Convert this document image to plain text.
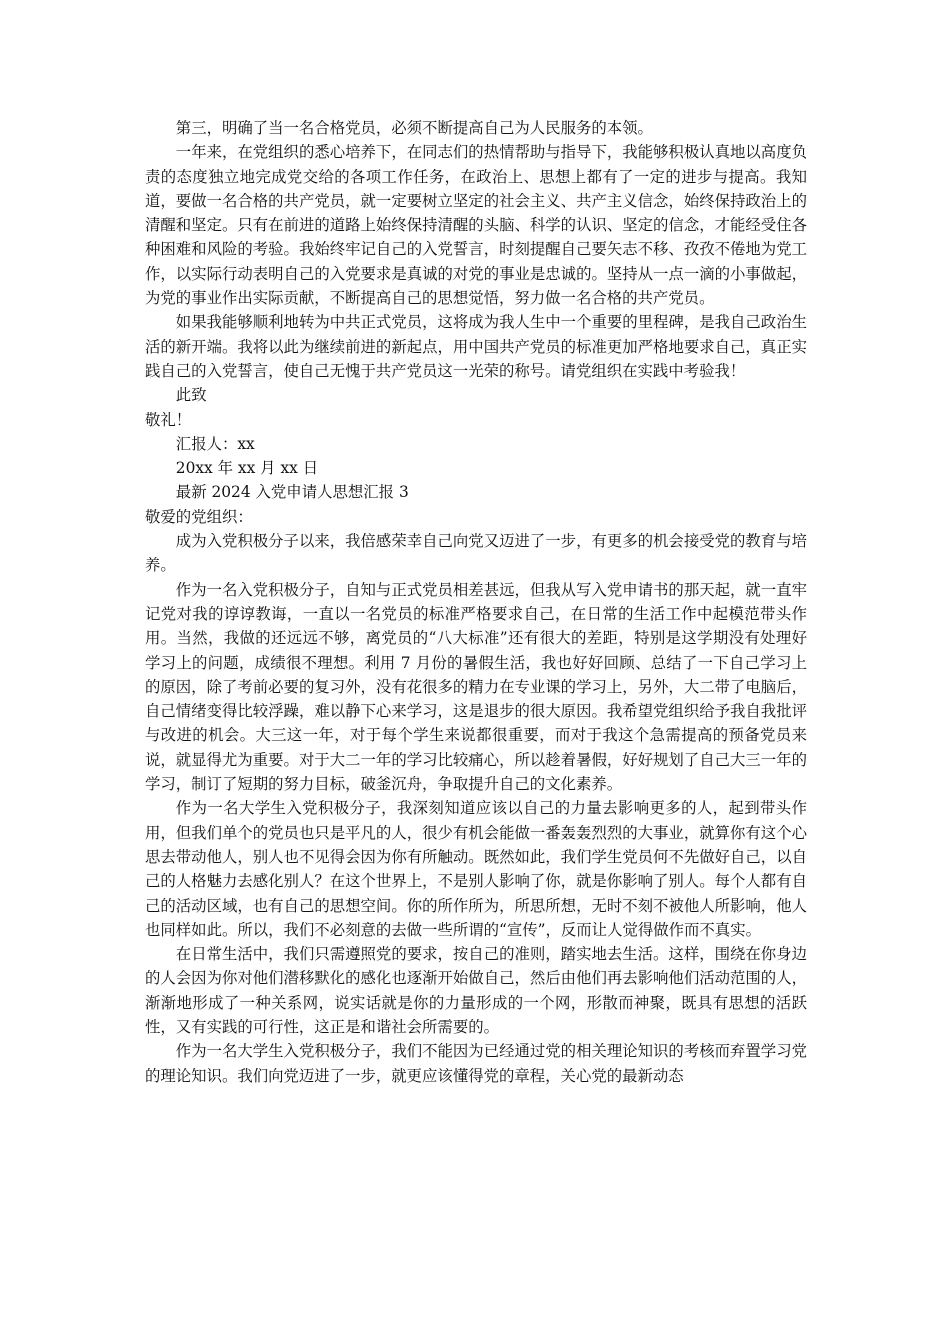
第三，明确了当一名合格党员，必须不断提高自己为人民服务的本领。

一年来，在党组织的悉心培养下，在同志们的热情帮助与指导下，我能够积极认真地以高度负责的态度独立地完成党交给的各项工作任务，在政治上、思想上都有了一定的进步与提高。我知道，要做一名合格的共产党员，就一定要树立坚定的社会主义、共产主义信念，始终保持政治上的清醒和坚定。只有在前进的道路上始终保持清醒的头脑、科学的认识、坚定的信念，才能经受住各种困难和风险的考验。我始终牢记自己的入党誓言，时刻提醒自己要矢志不移、孜孜不倦地为党工作，以实际行动表明自己的入党要求是真诚的对党的事业是忠诚的。坚持从一点一滴的小事做起，为党的事业作出实际贡献，不断提高自己的思想觉悟，努力做一名合格的共产党员。

如果我能够顺利地转为中共正式党员，这将成为我人生中一个重要的里程碑，是我自己政治生活的新开端。我将以此为继续前进的新起点，用中国共产党员的标准更加严格地要求自己，真正实践自己的入党誓言，使自己无愧于共产党员这一光荣的称号。请党组织在实践中考验我！

此致

敬礼！

汇报人：xx

20xx 年 xx 月 xx 日

最新 2024 入党申请人思想汇报 3

敬爱的党组织：

成为入党积极分子以来，我倍感荣幸自己向党又迈进了一步，有更多的机会接受党的教育与培养。

作为一名入党积极分子，自知与正式党员相差甚远，但我从写入党申请书的那天起，就一直牢记党对我的谆谆教诲，一直以一名党员的标准严格要求自己，在日常的生活工作中起模范带头作用。当然，我做的还远远不够，离党员的“八大标准”还有很大的差距，特别是这学期没有处理好学习上的问题，成绩很不理想。利用 7 月份的暑假生活，我也好好回顾、总结了一下自己学习上的原因，除了考前必要的复习外，没有花很多的精力在专业课的学习上，另外，大二带了电脑后，自己情绪变得比较浮躁，难以静下心来学习，这是退步的很大原因。我希望党组织给予我自我批评与改进的机会。大三这一年，对于每个学生来说都很重要，而对于我这个急需提高的预备党员来说，就显得尤为重要。对于大二一年的学习比较痛心，所以趁着暑假，好好规划了自己大三一年的学习，制订了短期的努力目标，破釜沉舟，争取提升自己的文化素养。

作为一名大学生入党积极分子，我深刻知道应该以自己的力量去影响更多的人，起到带头作用，但我们单个的党员也只是平凡的人，很少有机会能做一番轰轰烈烈的大事业，就算你有这个心思去带动他人，别人也不见得会因为你有所触动。既然如此，我们学生党员何不先做好自己，以自己的人格魅力去感化别人？在这个世界上，不是别人影响了你，就是你影响了别人。每个人都有自己的活动区域，也有自己的思想空间。你的所作所为，所思所想，无时不刻不被他人所影响，他人也同样如此。所以，我们不必刻意的去做一些所谓的“宣传”，反而让人觉得做作而不真实。

在日常生活中，我们只需遵照党的要求，按自己的准则，踏实地去生活。这样，围绕在你身边的人会因为你对他们潜移默化的感化也逐渐开始做自己，然后由他们再去影响他们活动范围的人，渐渐地形成了一种关系网，说实话就是你的力量形成的一个网，形散而神聚，既具有思想的活跃性，又有实践的可行性，这正是和谐社会所需要的。

作为一名大学生入党积极分子，我们不能因为已经通过党的相关理论知识的考核而弃置学习党的理论知识。我们向党迈进了一步，就更应该懂得党的章程，关心党的最新动态
